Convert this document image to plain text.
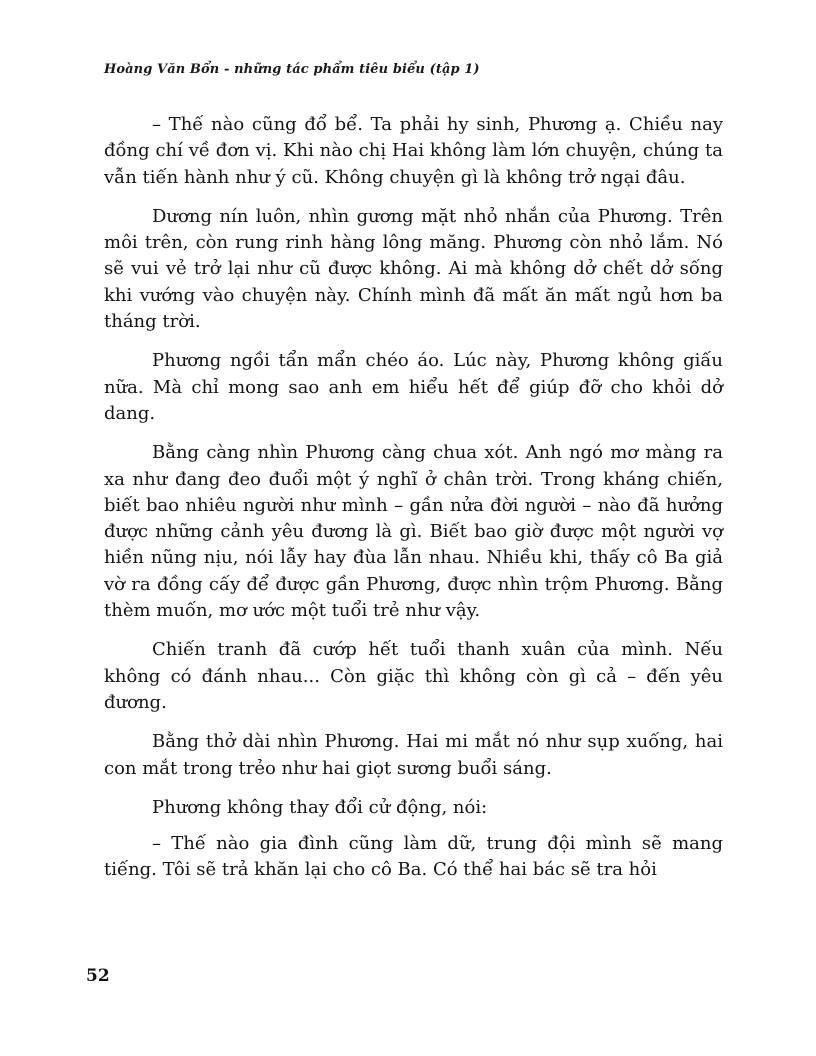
Hoàng Văn Bổn - những tác phẩm tiêu biểu (tập 1)

– Thế nào cũng đổ bể. Ta phải hy sinh, Phương ạ. Chiều nay đồng chí về đơn vị. Khi nào chị Hai không làm lớn chuyện, chúng ta vẫn tiến hành như ý cũ. Không chuyện gì là không trở ngại đâu.

Dương nín luôn, nhìn gương mặt nhỏ nhắn của Phương. Trên môi trên, còn rung rinh hàng lông măng. Phương còn nhỏ lắm. Nó sẽ vui vẻ trở lại như cũ được không. Ai mà không dở chết dở sống khi vướng vào chuyện này. Chính mình đã mất ăn mất ngủ hơn ba tháng trời.

Phương ngồi tẩn mẩn chéo áo. Lúc này, Phương không giấu nữa. Mà chỉ mong sao anh em hiểu hết để giúp đỡ cho khỏi dở dang.

Bằng càng nhìn Phương càng chua xót. Anh ngó mơ màng ra xa như đang đeo đuổi một ý nghĩ ở chân trời. Trong kháng chiến, biết bao nhiêu người như mình – gần nửa đời người – nào đã hưởng được những cảnh yêu đương là gì. Biết bao giờ được một người vợ hiền nũng nịu, nói lẫy hay đùa lẫn nhau. Nhiều khi, thấy cô Ba giả vờ ra đồng cấy để được gần Phương, được nhìn trộm Phương. Bằng thèm muốn, mơ ước một tuổi trẻ như vậy.

Chiến tranh đã cướp hết tuổi thanh xuân của mình. Nếu không có đánh nhau... Còn giặc thì không còn gì cả – đến yêu đương.

Bằng thở dài nhìn Phương. Hai mi mắt nó như sụp xuống, hai con mắt trong trẻo như hai giọt sương buổi sáng.

Phương không thay đổi cử động, nói:

– Thế nào gia đình cũng làm dữ, trung đội mình sẽ mang tiếng. Tôi sẽ trả khăn lại cho cô Ba. Có thể hai bác sẽ tra hỏi

52
